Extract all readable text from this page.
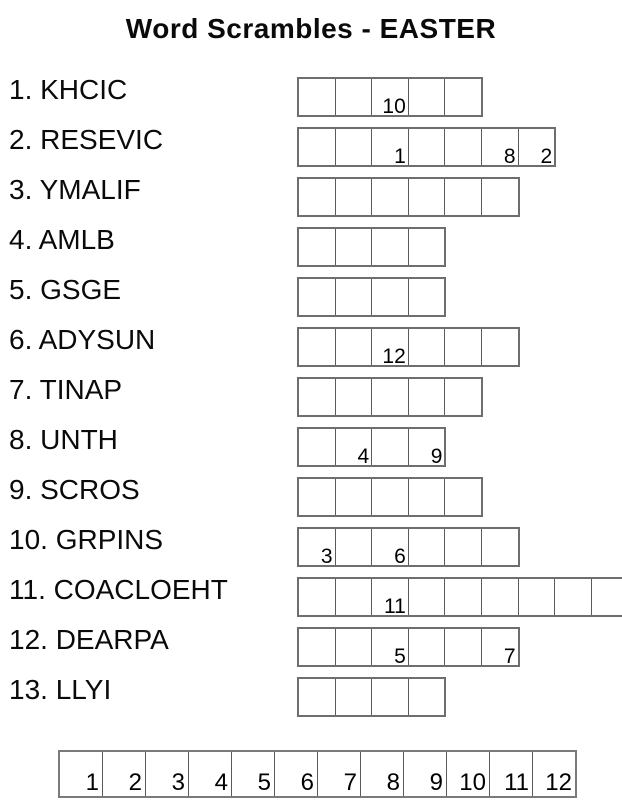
Word Scrambles - EASTER
1. KHCIC
10
2. RESEVIC
1	8 2
3. YMALIF
4. AMLB
5. GSGE
6. ADYSUN
12
7. TINAP
8. UNTH
4	9
9. SCROS
10. GRPINS
3	6
11. COACLOEHT
11
12. DEARPA
5	7
13. LLYI
1 2 3 4 5 6 7 8 9 10 11 12
